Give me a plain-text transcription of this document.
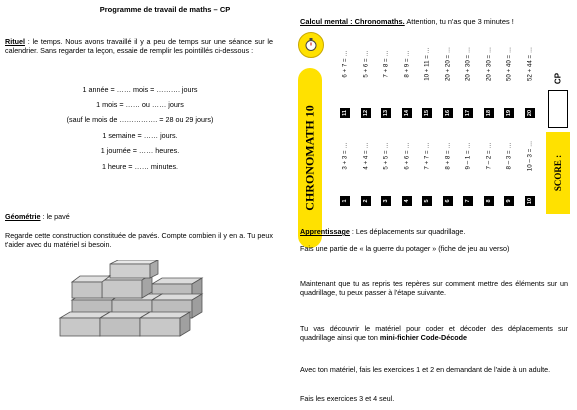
Programme de travail de maths – CP
Rituel : le temps. Nous avons travaillé il y a peu de temps sur une séance sur le calendrier. Sans regarder ta leçon, essaie de remplir les pointillés ci-dessous :
1 année = …… mois = ………. jours
1 mois = …… ou …… jours
(sauf le mois de ……………. = 28 ou 29 jours)
1 semaine = …… jours.
1 journée = …… heures.
1 heure = …… minutes.
Géométrie : le pavé
Regarde cette construction constituée de pavés. Compte combien il y en a. Tu peux t'aider avec du matériel si besoin.
Calcul mental : Chronomaths. Attention, tu n'as que 3 minutes !
CHRONOMATH 10
6 + 7 = …
11
5 + 6 = …
12
7 + 8 = …
13
8 + 9 = …
14
10 + 11 = …
15
20 + 20 = …
16
20 + 30 = …
17
20 + 30 = …
18
50 + 40 = …
19
52 + 44 = …
20
3 + 3 = …
1
4 + 4 = …
2
5 + 5 = …
3
6 + 6 = …
4
7 + 7 = …
5
8 + 8 = …
6
9 – 1 = …
7
7 – 2 = …
8
8 – 3 = …
9
10 – 3 = …
10
CP
SCORE :
Apprentissage : Les déplacements sur quadrillage.
Fais une partie de « la guerre du potager » (fiche de jeu au verso)
Maintenant que tu as repris tes repères sur comment mettre des éléments sur un quadrillage, tu peux passer à l'étape suivante.
Tu vas découvrir le matériel pour coder et décoder des déplacements sur quadrillage ainsi que ton mini-fichier Code-Décode
Avec ton matériel, fais les exercices 1 et 2 en demandant de l'aide à un adulte.
Fais les exercices 3 et 4 seul.
